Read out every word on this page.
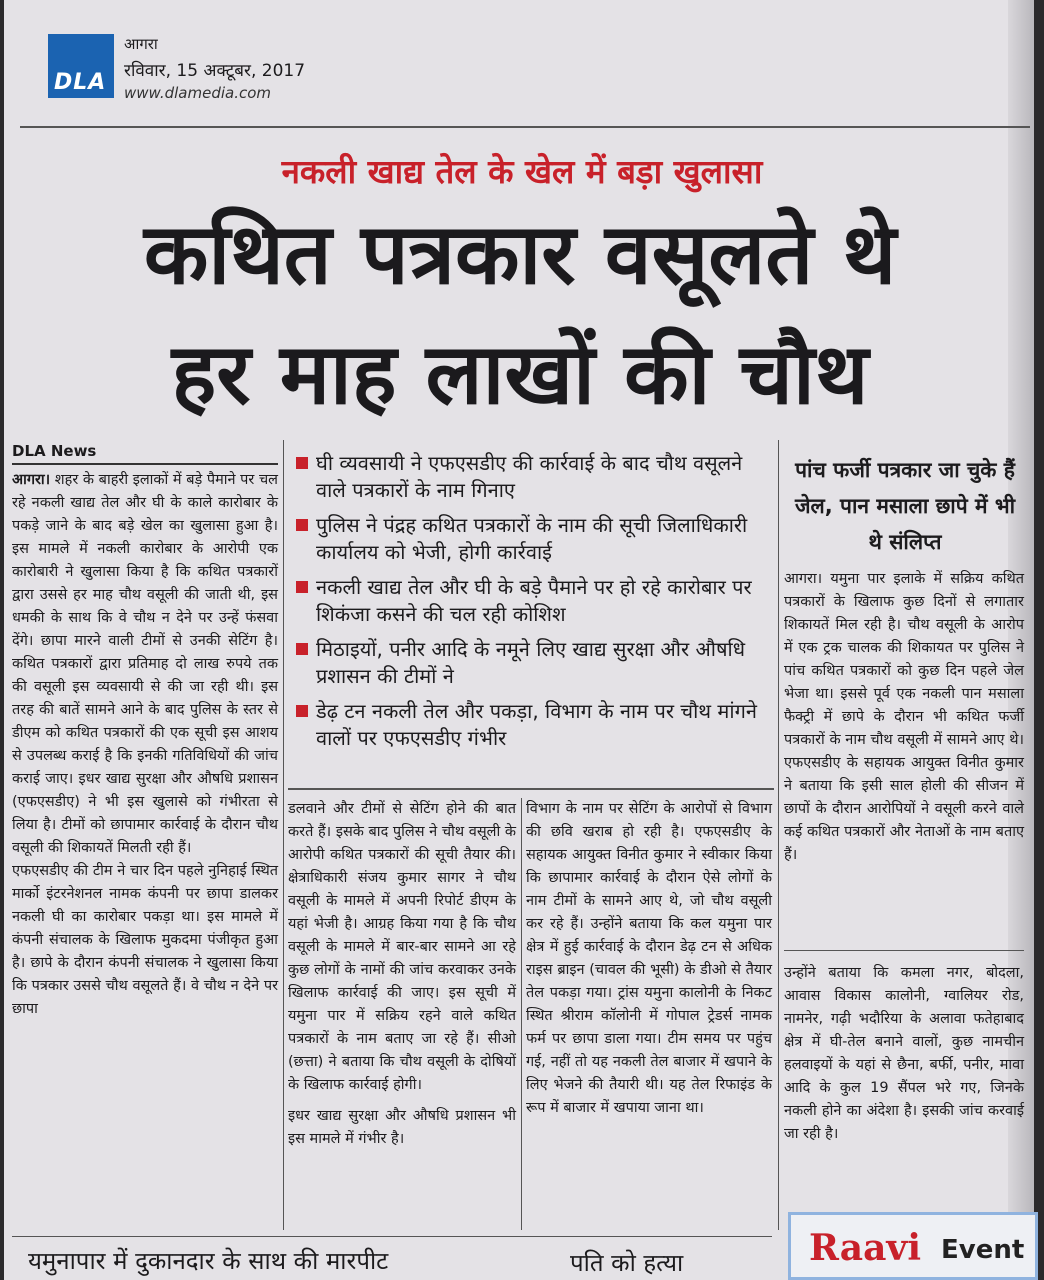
DLA
आगरा
रविवार, 15 अक्टूबर, 2017
www.dlamedia.com
नकली खाद्य तेल के खेल में बड़ा खुलासा
कथित पत्रकार वसूलते थे
हर माह लाखों की चौथ
DLA News

आगरा। शहर के बाहरी इलाकों में बड़े पैमाने पर चल रहे नकली खाद्य तेल और घी के काले कारोबार के पकड़े जाने के बाद बड़े खेल का खुलासा हुआ है। इस मामले में नकली कारोबार के आरोपी एक कारोबारी ने खुलासा किया है कि कथित पत्रकारों द्वारा उससे हर माह चौथ वसूली की जाती थी, इस धमकी के साथ कि वे चौथ न देने पर उन्हें फंसवा देंगे। छापा मारने वाली टीमों से उनकी सेटिंग है। कथित पत्रकारों द्वारा प्रतिमाह दो लाख रुपये तक की वसूली इस व्यवसायी से की जा रही थी। इस तरह की बातें सामने आने के बाद पुलिस के स्तर से डीएम को कथित पत्रकारों की एक सूची इस आशय से उपलब्ध कराई है कि इनकी गतिविधियों की जांच कराई जाए। इधर खाद्य सुरक्षा और औषधि प्रशासन (एफएसडीए) ने भी इस खुलासे को गंभीरता से लिया है। टीमों को छापामार कार्रवाई के दौरान चौथ वसूली की शिकायतें मिलती रही हैं।

एफएसडीए की टीम ने चार दिन पहले नुनिहाई स्थित मार्को इंटरनेशनल नामक कंपनी पर छापा डालकर नकली घी का कारोबार पकड़ा था। इस मामले में कंपनी संचालक के खिलाफ मुकदमा पंजीकृत हुआ है। छापे के दौरान कंपनी संचालक ने खुलासा किया कि पत्रकार उससे चौथ वसूलते हैं। वे चौथ न देने पर छापा

घी व्यवसायी ने एफएसडीए की कार्रवाई के बाद चौथ वसूलने वाले पत्रकारों के नाम गिनाए
पुलिस ने पंद्रह कथित पत्रकारों के नाम की सूची जिलाधिकारी कार्यालय को भेजी, होगी कार्रवाई
नकली खाद्य तेल और घी के बड़े पैमाने पर हो रहे कारोबार पर शिकंजा कसने की चल रही कोशिश
मिठाइयों, पनीर आदि के नमूने लिए खाद्य सुरक्षा और औषधि प्रशासन की टीमों ने
डेढ़ टन नकली तेल और पकड़ा, विभाग के नाम पर चौथ मांगने वालों पर एफएसडीए गंभीर

डलवाने और टीमों से सेटिंग होने की बात करते हैं। इसके बाद पुलिस ने चौथ वसूली के आरोपी कथित पत्रकारों की सूची तैयार की। क्षेत्राधिकारी संजय कुमार सागर ने चौथ वसूली के मामले में अपनी रिपोर्ट डीएम के यहां भेजी है। आग्रह किया गया है कि चौथ वसूली के मामले में बार-बार सामने आ रहे कुछ लोगों के नामों की जांच करवाकर उनके खिलाफ कार्रवाई की जाए। इस सूची में यमुना पार में सक्रिय रहने वाले कथित पत्रकारों के नाम बताए जा रहे हैं। सीओ (छत्ता) ने बताया कि चौथ वसूली के दोषियों के खिलाफ कार्रवाई होगी।

इधर खाद्य सुरक्षा और औषधि प्रशासन भी इस मामले में गंभीर है।

विभाग के नाम पर सेटिंग के आरोपों से विभाग की छवि खराब हो रही है। एफएसडीए के सहायक आयुक्त विनीत कुमार ने स्वीकार किया कि छापामार कार्रवाई के दौरान ऐसे लोगों के नाम टीमों के सामने आए थे, जो चौथ वसूली कर रहे हैं। उन्होंने बताया कि कल यमुना पार क्षेत्र में हुई कार्रवाई के दौरान डेढ़ टन से अधिक राइस ब्राइन (चावल की भूसी) के डीओ से तैयार तेल पकड़ा गया। ट्रांस यमुना कालोनी के निकट स्थित श्रीराम कॉलोनी में गोपाल ट्रेडर्स नामक फर्म पर छापा डाला गया। टीम समय पर पहुंच गई, नहीं तो यह नकली तेल बाजार में खपाने के लिए भेजने की तैयारी थी। यह तेल रिफाइंड के रूप में बाजार में खपाया जाना था।

पांच फर्जी पत्रकार जा चुके हैं जेल, पान मसाला छापे में भी थे संलिप्त

आगरा। यमुना पार इलाके में सक्रिय कथित पत्रकारों के खिलाफ कुछ दिनों से लगातार शिकायतें मिल रही है। चौथ वसूली के आरोप में एक ट्रक चालक की शिकायत पर पुलिस ने पांच कथित पत्रकारों को कुछ दिन पहले जेल भेजा था। इससे पूर्व एक नकली पान मसाला फैक्ट्री में छापे के दौरान भी कथित फर्जी पत्रकारों के नाम चौथ वसूली में सामने आए थे। एफएसडीए के सहायक आयुक्त विनीत कुमार ने बताया कि इसी साल होली की सीजन में छापों के दौरान आरोपियों ने वसूली करने वाले कई कथित पत्रकारों और नेताओं के नाम बताए हैं।

उन्होंने बताया कि कमला नगर, बोदला, आवास विकास कालोनी, ग्वालियर रोड, नामनेर, गढ़ी भदौरिया के अलावा फतेहाबाद क्षेत्र में घी-तेल बनाने वालों, कुछ नामचीन हलवाइयों के यहां से छैना, बर्फी, पनीर, मावा आदि के कुल 19 सैंपल भरे गए, जिनके नकली होने का अंदेशा है। इसकी जांच करवाई जा रही है।

यमुनापार में दुकानदार के साथ की मारपीट	पति को हत्या	Raavi Event
